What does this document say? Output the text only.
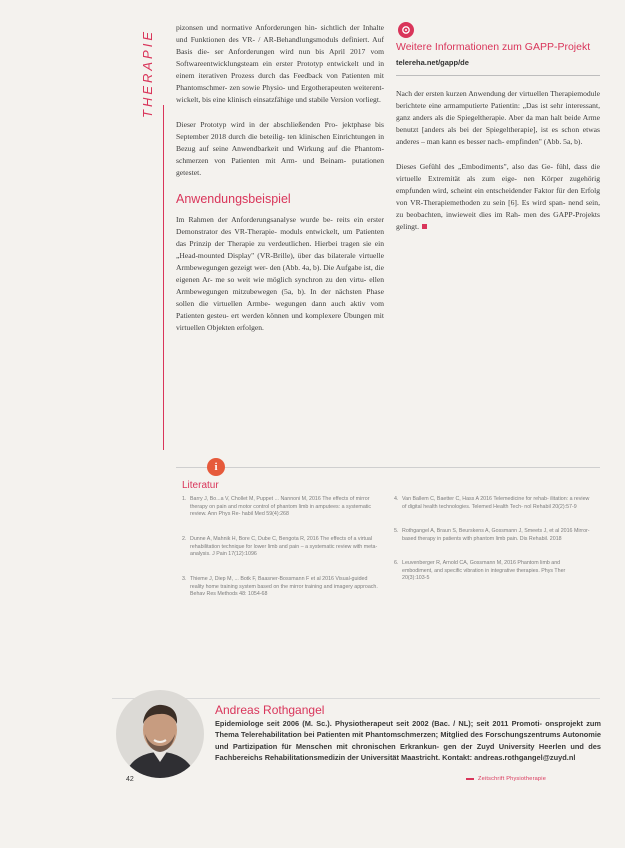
THERAPIE

pizonsen und normative Anforderungen hin- sichtlich der Inhalte und Funktionen des VR- / AR-Behandlungsmoduls definiert. Auf Basis die- ser Anforderungen wird nun bis April 2017 vom Softwareentwicklungsteam ein erster Prototyp entwickelt und in einem iterativen Prozess durch das Feedback von Patienten mit Phantomschmer- zen sowie Physio- und Ergotherapeuten weiterent- wickelt, bis eine klinisch einsatzfähige und stabile Version vorliegt.

Dieser Prototyp wird in der abschließenden Pro- jektphase bis September 2018 durch die beteilig- ten klinischen Einrichtungen in Bezug auf seine Anwendbarkeit und Wirkung auf die Phantom- schmerzen von Patienten mit Arm- und Beinam- putationen getestet.

Anwendungsbeispiel

Im Rahmen der Anforderungsanalyse wurde be- reits ein erster Demonstrator des VR-Therapie- moduls entwickelt, um Patienten das Prinzip der Therapie zu verdeutlichen. Hierbei tragen sie ein „Head-mounted Display" (VR-Brille), über das bilaterale virtuelle Armbewegungen gezeigt wer- den (Abb. 4a, b). Die Aufgabe ist, die eigenen Ar- me so weit wie möglich synchron zu den virtu- ellen Armbewegungen mitzubewegen (5a, b). In der nächsten Phase sollen die virtuellen Armbe- wegungen dann auch aktiv vom Patienten gesteu- ert werden können und komplexere Übungen mit virtuellen Objekten erfolgen.

Weitere Informationen zum GAPP-Projekt

telereha.net/gapp/de

Nach der ersten kurzen Anwendung der virtuellen Therapiemodule berichtete eine armamputierte Patientin: „Das ist sehr interessant, ganz anders als die Spiegeltherapie. Aber da man halt beide Arme benutzt [anders als bei der Spiegeltherapie], ist es schon etwas anderes – man kann es besser nach- empfinden" (Abb. 5a, b).

Dieses Gefühl des „Embodiments", also das Ge- fühl, dass die virtuelle Extremität als zum eige- nen Körper zugehörig empfunden wird, scheint ein entscheidender Faktor für den Erfolg von VR-Therapiemethoden zu sein [6]. Es wird span- nend sein, zu beobachten, inwieweit dies im Rah- men des GAPP-Projekts gelingt.

i

Literatur

1. Barry J, Bo...a V, Chollet M, Puppet ... Nannoni M, 2016 The effects of mirror therapy on pain and motor control of phantom limb in amputees: a systematic review. Ann Phys Re- habil Med 59(4):268
2. Dunne A, Mahnik H, Bore C, Dube C, Bengota R, 2016 The effects of a virtual rehabilitation technique for lower limb and pain – a systematic review with meta-analysis. J Pain 17(12):1096
3. Thieme J, Diep M, ... Botk F, Baasner-Bossmann F et al 2016 Visual-guided reality home training system based on the mirror training and imagery approach. Behav Res Methods 48: 1054-68
4. Van Ballem C, Baetter C, Hass A 2016 Telemedicine for rehab- ilitation: a review of digital health technologies. Telemed Health Tech- nol Rehabil 20(2):57-9
5. Rothgangel A, Braun S, Beurskens A, Gossmann J, Smeets J, et al 2016 Mirror-based therapy in patients with phantom limb pain. Dis Rehabil. 2018
6. Leuvenberger R, Arnold CA, Gossmann M, 2016 Phantom limb and embodiment, and specific vibration in integrative therapies. Phys Ther 20(3):103-5

Andreas Rothgangel

Epidemiologe seit 2006 (M. Sc.). Physiotherapeut seit 2002 (Bac. / NL); seit 2011 Promoti- onsprojekt zum Thema Telerehabilitation bei Patienten mit Phantomschmerzen; Mitglied des Forschungszentrums Autonomie und Partizipation für Menschen mit chronischen Erkrankun- gen der Zuyd University Heerlen und des Fachbereichs Rehabilitationsmedizin der Universität Maastricht. Kontakt: andreas.rothgangel@zuyd.nl

42	Zeitschrift Physiotherapie
